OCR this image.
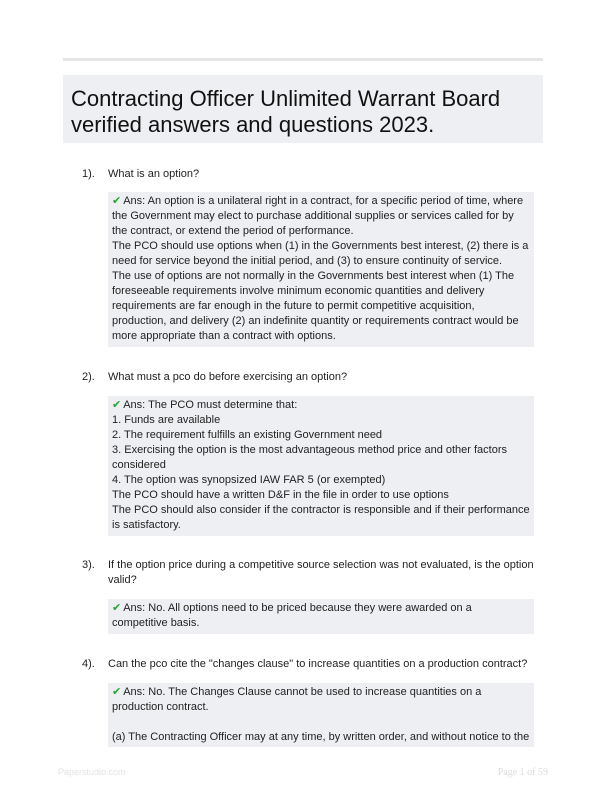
Contracting Officer Unlimited Warrant Board verified answers and questions 2023.
1). What is an option?

✔ Ans: An option is a unilateral right in a contract, for a specific period of time, where the Government may elect to purchase additional supplies or services called for by the contract, or extend the period of performance.

The PCO should use options when (1) in the Governments best interest, (2) there is a need for service beyond the initial period, and (3) to ensure continuity of service.

The use of options are not normally in the Governments best interest when (1) The foreseeable requirements involve minimum economic quantities and delivery requirements are far enough in the future to permit competitive acquisition, production, and delivery (2) an indefinite quantity or requirements contract would be more appropriate than a contract with options.

2). What must a pco do before exercising an option?

✔ Ans: The PCO must determine that:

1. Funds are available

2. The requirement fulfills an existing Government need

3. Exercising the option is the most advantageous method price and other factors considered

4. The option was synopsized IAW FAR 5 (or exempted)

The PCO should have a written D&F in the file in order to use options

The PCO should also consider if the contractor is responsible and if their performance is satisfactory.

3). If the option price during a competitive source selection was not evaluated, is the option valid?

✔ Ans: No. All options need to be priced because they were awarded on a competitive basis.

4). Can the pco cite the "changes clause" to increase quantities on a production contract?

✔ Ans: No. The Changes Clause cannot be used to increase quantities on a production contract.

(a) The Contracting Officer may at any time, by written order, and without notice to the

Paperstudio.com	Page 1 of 59
